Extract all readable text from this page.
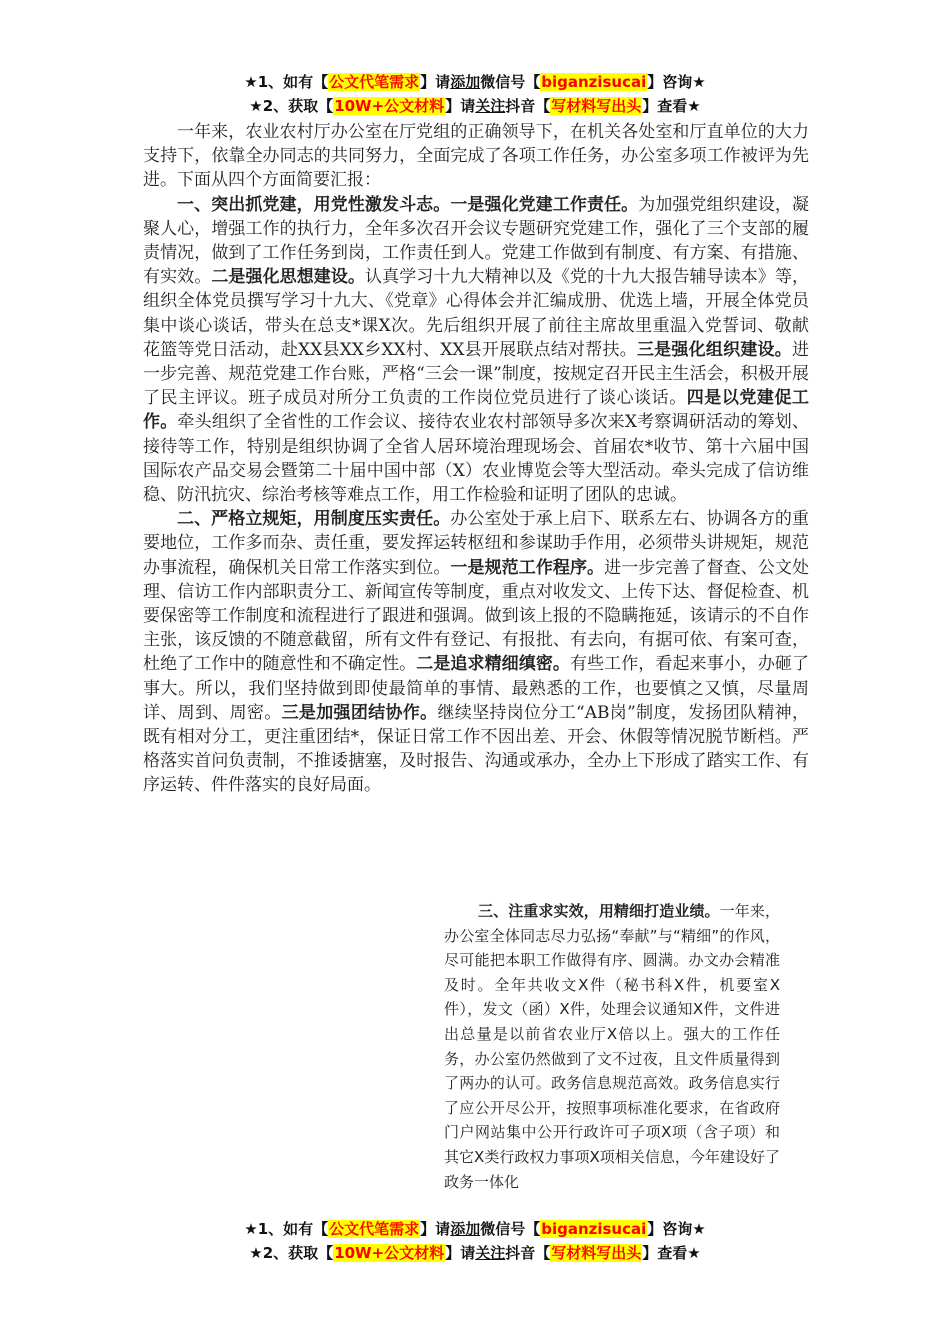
★1、如有【公文代笔需求】请添加微信号【biganzisucai】咨询★
★2、获取【10W+公文材料】请关注抖音【写材料写出头】查看★

一年来，农业农村厅办公室在厅党组的正确领导下，在机关各处室和厅直单位的大力支持下，依靠全办同志的共同努力，全面完成了各项工作任务，办公室多项工作被评为先进。下面从四个方面简要汇报：

一、突出抓党建，用党性激发斗志。一是强化党建工作责任。为加强党组织建设，凝聚人心，增强工作的执行力，全年多次召开会议专题研究党建工作，强化了三个支部的履责情况，做到了工作任务到岗，工作责任到人。党建工作做到有制度、有方案、有措施、有实效。二是强化思想建设。认真学习十九大精神以及《党的十九大报告辅导读本》等，组织全体党员撰写学习十九大、《党章》心得体会并汇编成册、优选上墙，开展全体党员集中谈心谈话，带头在总支*课X次。先后组织开展了前往主席故里重温入党誓词、敬献花篮等党日活动，赴XX县XX乡XX村、XX县开展联点结对帮扶。三是强化组织建设。进一步完善、规范党建工作台账，严格“三会一课”制度，按规定召开民主生活会，积极开展了民主评议。班子成员对所分工负责的工作岗位党员进行了谈心谈话。四是以党建促工作。牵头组织了全省性的工作会议、接待农业农村部领导多次来X考察调研活动的筹划、接待等工作，特别是组织协调了全省人居环境治理现场会、首届农*收节、第十六届中国国际农产品交易会暨第二十届中国中部（X）农业博览会等大型活动。牵头完成了信访维稳、防汛抗灾、综治考核等难点工作，用工作检验和证明了团队的忠诚。

二、严格立规矩，用制度压实责任。办公室处于承上启下、联系左右、协调各方的重要地位，工作多而杂、责任重，要发挥运转枢纽和参谋助手作用，必须带头讲规矩，规范办事流程，确保机关日常工作落实到位。一是规范工作程序。进一步完善了督查、公文处理、信访工作内部职责分工、新闻宣传等制度，重点对收发文、上传下达、督促检查、机要保密等工作制度和流程进行了跟进和强调。做到该上报的不隐瞒拖延，该请示的不自作主张，该反馈的不随意截留，所有文件有登记、有报批、有去向，有据可依、有案可查，杜绝了工作中的随意性和不确定性。二是追求精细缜密。有些工作，看起来事小，办砸了事大。所以，我们坚持做到即使最简单的事情、最熟悉的工作，也要慎之又慎，尽量周详、周到、周密。三是加强团结协作。继续坚持岗位分工“AB岗”制度，发扬团队精神，既有相对分工，更注重团结*，保证日常工作不因出差、开会、休假等情况脱节断档。严格落实首问负责制，不推诿搪塞，及时报告、沟通或承办，全办上下形成了踏实工作、有序运转、件件落实的良好局面。

三、注重求实效，用精细打造业绩。一年来，办公室全体同志尽力弘扬“奉献”与“精细”的作风，尽可能把本职工作做得有序、圆满。办文办会精准及时。全年共收文X件（秘书科X件，机要室X件），发文（函）X件，处理会议通知X件，文件进出总量是以前省农业厅X倍以上。强大的工作任务，办公室仍然做到了文不过夜，且文件质量得到了两办的认可。政务信息规范高效。政务信息实行了应公开尽公开，按照事项标准化要求，在省政府门户网站集中公开行政许可子项X项（含子项）和其它X类行政权力事项X项相关信息，今年建设好了政务一体化

★1、如有【公文代笔需求】请添加微信号【biganzisucai】咨询★
★2、获取【10W+公文材料】请关注抖音【写材料写出头】查看★
